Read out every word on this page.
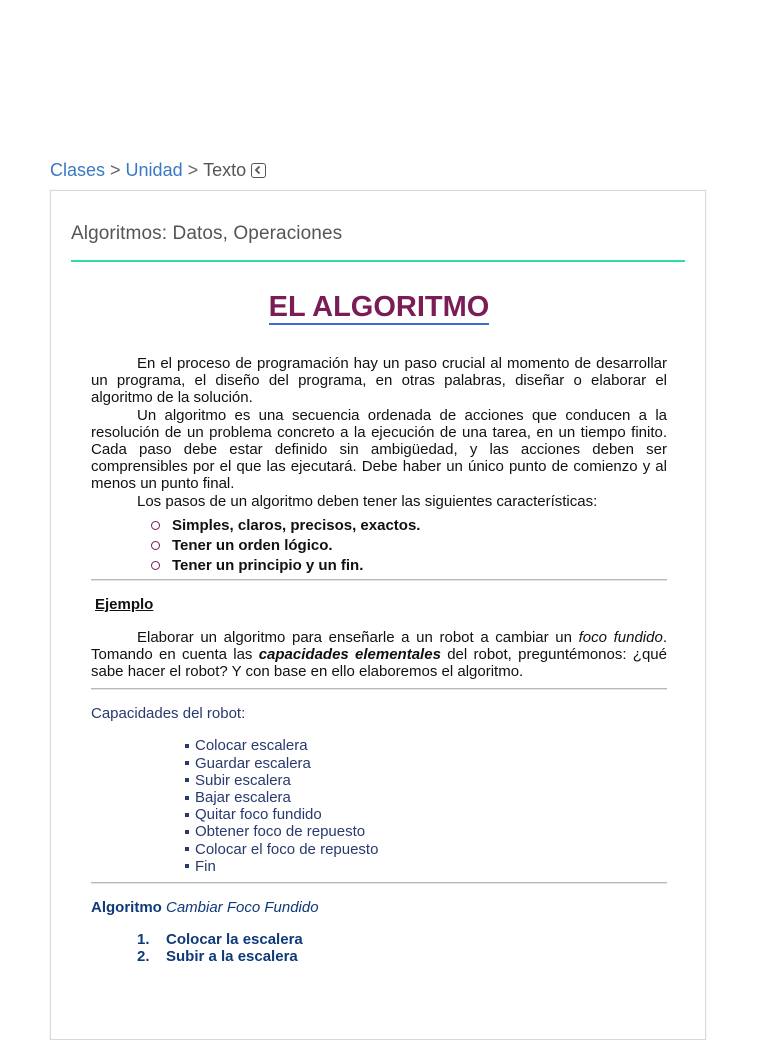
Clases > Unidad > Texto
Algoritmos: Datos, Operaciones
EL ALGORITMO

En el proceso de programación hay un paso crucial al momento de desarrollar un programa, el diseño del programa, en otras palabras, diseñar o elaborar el algoritmo de la solución.

Un algoritmo es una secuencia ordenada de acciones que conducen a la resolución de un problema concreto a la ejecución de una tarea, en un tiempo finito. Cada paso debe estar definido sin ambigüedad, y las acciones deben ser comprensibles por el que las ejecutará. Debe haber un único punto de comienzo y al menos un punto final.

Los pasos de un algoritmo deben tener las siguientes características:

Simples, claros, precisos, exactos.
Tener un orden lógico.
Tener un principio y un fin.
Ejemplo

Elaborar un algoritmo para enseñarle a un robot a cambiar un foco fundido. Tomando en cuenta las capacidades elementales del robot, preguntémonos: ¿qué sabe hacer el robot? Y con base en ello elaboremos el algoritmo.

Capacidades del robot:
Colocar escalera
Guardar escalera
Subir escalera
Bajar escalera
Quitar foco fundido
Obtener foco de repuesto
Colocar el foco de repuesto
Fin
Algoritmo Cambiar Foco Fundido
1.	Colocar la escalera
2.	Subir a la escalera
